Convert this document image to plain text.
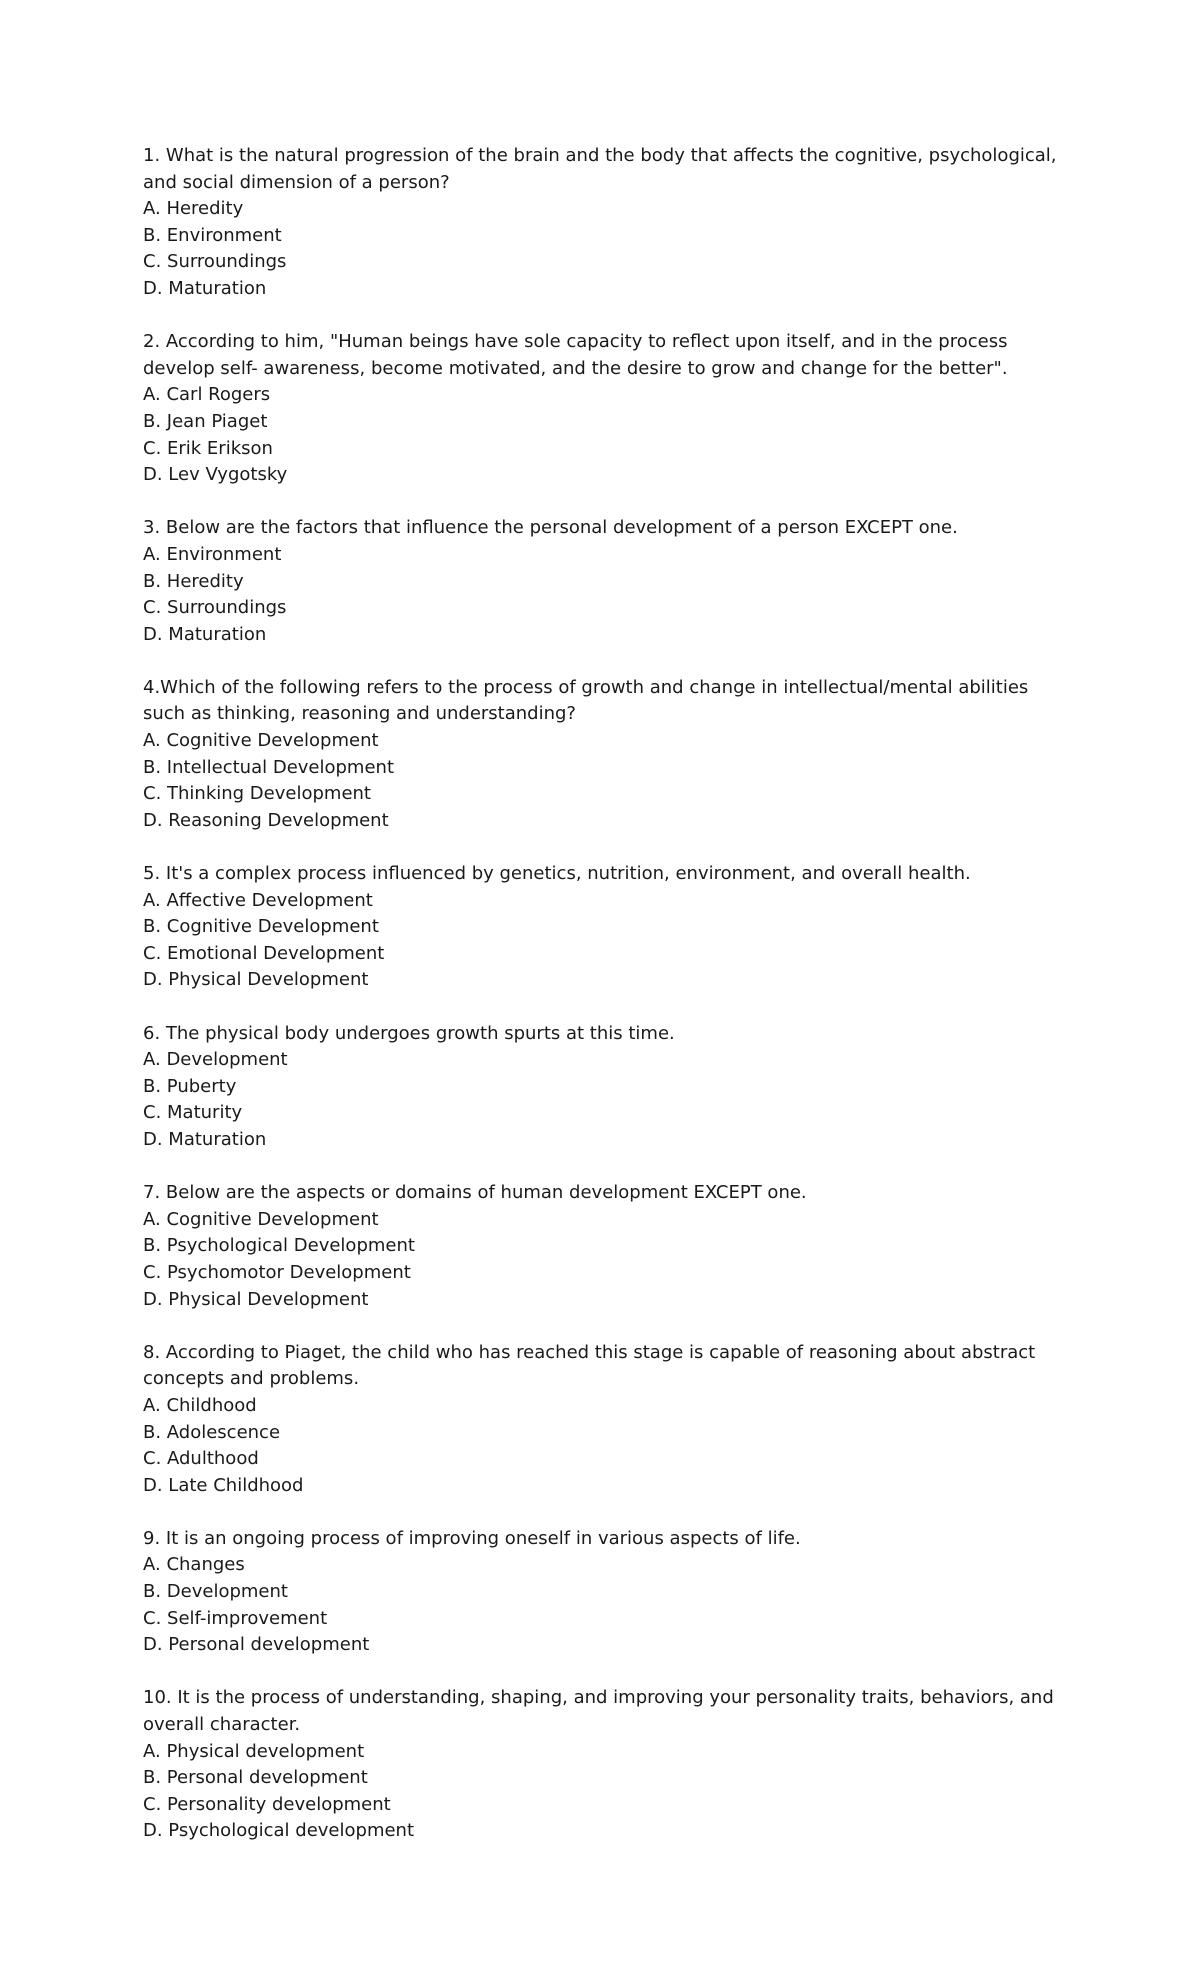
1. What is the natural progression of the brain and the body that affects the cognitive, psychological, and social dimension of a person?

A. Heredity
B. Environment
C. Surroundings
D. Maturation

2. According to him, "Human beings have sole capacity to reflect upon itself, and in the process develop self- awareness, become motivated, and the desire to grow and change for the better".

A. Carl Rogers
B. Jean Piaget
C. Erik Erikson
D. Lev Vygotsky

3. Below are the factors that influence the personal development of a person EXCEPT one.

A. Environment
B. Heredity
C. Surroundings
D. Maturation

4.Which of the following refers to the process of growth and change in intellectual/mental abilities such as thinking, reasoning and understanding?

A. Cognitive Development
B. Intellectual Development
C. Thinking Development
D. Reasoning Development

5. It's a complex process influenced by genetics, nutrition, environment, and overall health.

A. Affective Development
B. Cognitive Development
C. Emotional Development
D. Physical Development

6. The physical body undergoes growth spurts at this time.

A. Development
B. Puberty
C. Maturity
D. Maturation

7. Below are the aspects or domains of human development EXCEPT one.

A. Cognitive Development
B. Psychological Development
C. Psychomotor Development
D. Physical Development

8. According to Piaget, the child who has reached this stage is capable of reasoning about abstract concepts and problems.

A. Childhood
B. Adolescence
C. Adulthood
D. Late Childhood

9. It is an ongoing process of improving oneself in various aspects of life.

A. Changes
B. Development
C. Self-improvement
D. Personal development

10. It is the process of understanding, shaping, and improving your personality traits, behaviors, and overall character.

A. Physical development
B. Personal development
C. Personality development
D. Psychological development
